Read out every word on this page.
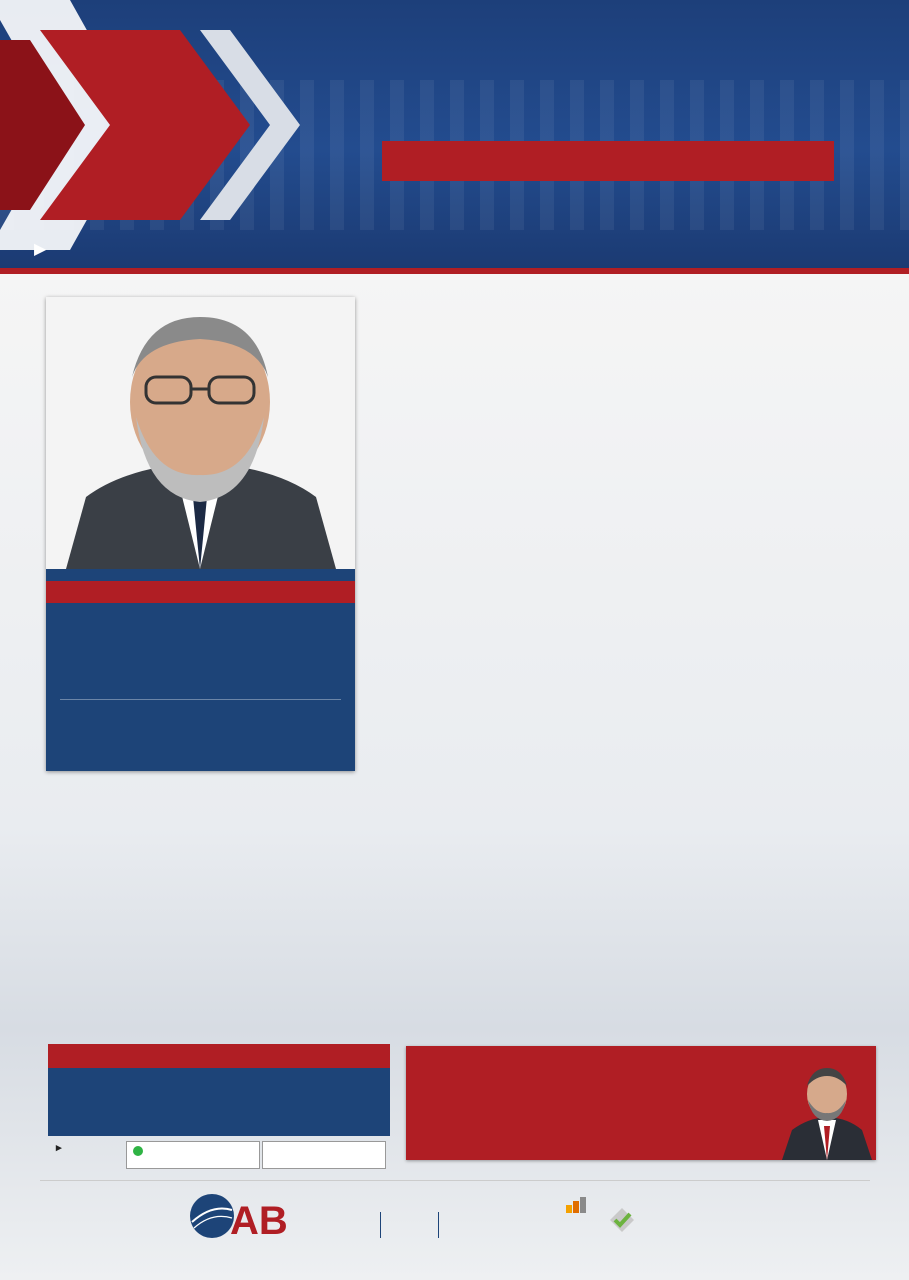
▶
▸
AB
